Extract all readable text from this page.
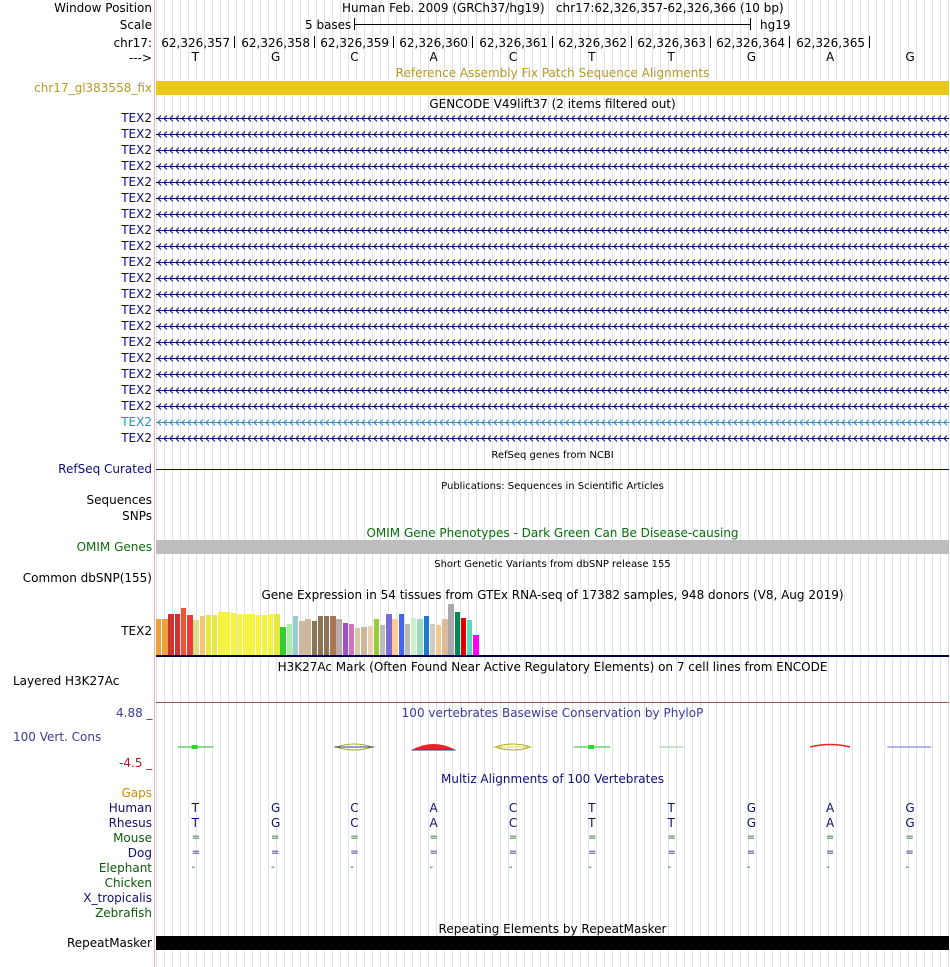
Window Position	Human Feb. 2009 (GRCh37/hg19)   chr17:62,326,357-62,326,366 (10 bp)
Scale	5 bases	hg19
chr17:
--->
Reference Assembly Fix Patch Sequence Alignments
chr17_gl383558_fix
GENCODE V49lift37 (2 items filtered out)
RefSeq genes from NCBI
RefSeq Curated
Publications: Sequences in Scientific Articles
Sequences
SNPs
OMIM Gene Phenotypes - Dark Green Can Be Disease-causing
OMIM Genes
Short Genetic Variants from dbSNP release 155
Common dbSNP(155)
Gene Expression in 54 tissues from GTEx RNA-seq of 17382 samples, 948 donors (V8, Aug 2019)
TEX2
H3K27Ac Mark (Often Found Near Active Regulatory Elements) on 7 cell lines from ENCODE
Layered H3K27Ac
4.88 _	100 vertebrates Basewise Conservation by PhyloP
100 Vert. Cons
-4.5 _
Multiz Alignments of 100 Vertebrates
Gaps
Repeating Elements by RepeatMasker
RepeatMasker
62,326,357 62,326,358 62,326,359 62,326,360 62,326,361 62,326,362 62,326,363 62,326,364 62,326,365
T	G	C	A	C	T	T	G	A	G
TEX2
TEX2
TEX2
TEX2
TEX2
TEX2
TEX2
TEX2
TEX2
TEX2
TEX2
TEX2
TEX2
TEX2
TEX2
TEX2
TEX2
TEX2
TEX2
TEX2
TEX2
Human	T	G	C	A	C	T	T	G	A	G
Rhesus	T	G	C	A	C	T	T	G	A	G
Mouse	=	=	=	=	=	=	=	=	=	=
Dog	=	=	=	=	=	=	=	=	=	=
Elephant	-	-	-	-	-	-	-	-	-	-
Chicken
X_tropicalis
Zebrafish
